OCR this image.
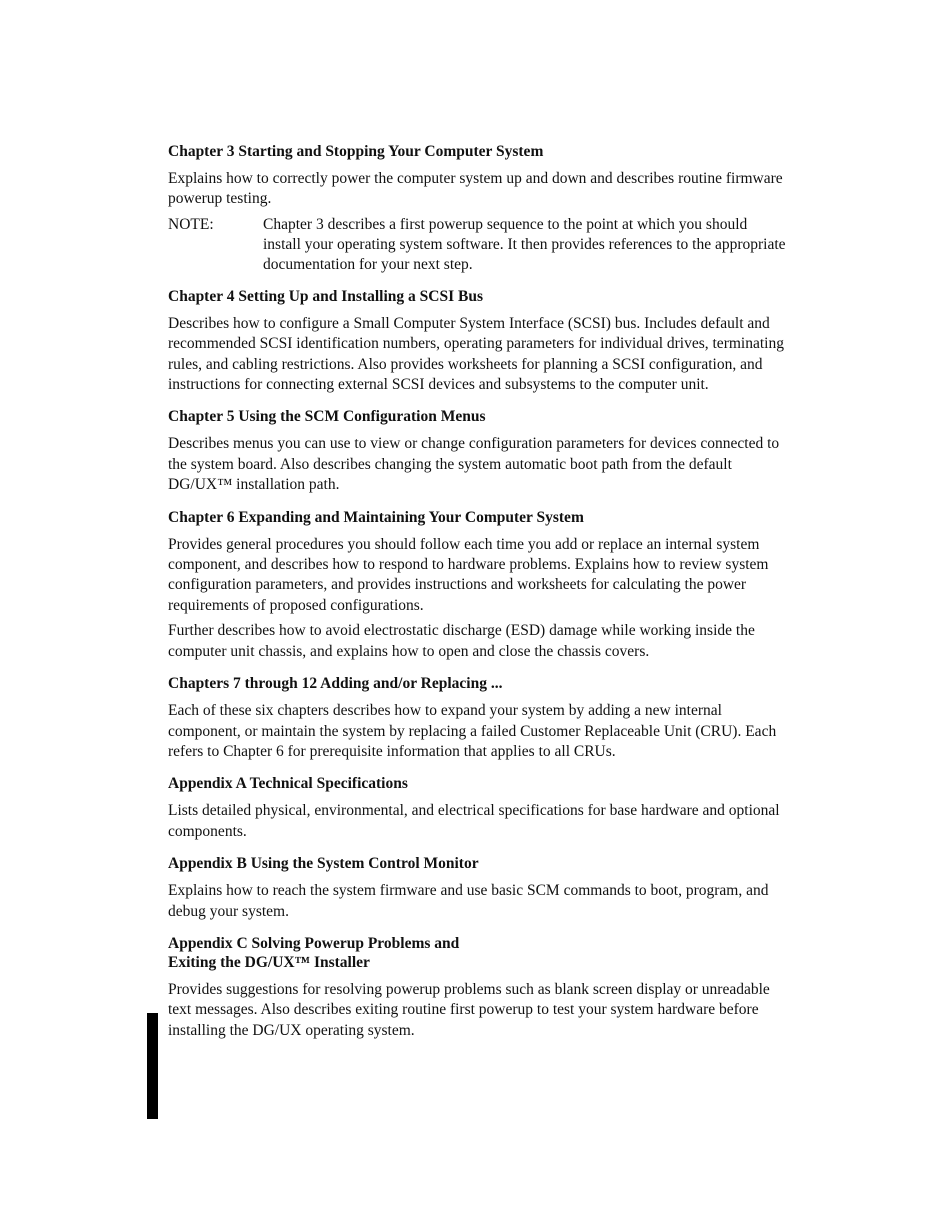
Chapter 3 Starting and Stopping Your Computer System
Explains how to correctly power the computer system up and down and describes routine firmware powerup testing.
NOTE:	Chapter 3 describes a first powerup sequence to the point at which you should install your operating system software. It then provides references to the appropriate documentation for your next step.
Chapter 4 Setting Up and Installing a SCSI Bus
Describes how to configure a Small Computer System Interface (SCSI) bus. Includes default and recommended SCSI identification numbers, operating parameters for individual drives, terminating rules, and cabling restrictions. Also provides worksheets for planning a SCSI configuration, and instructions for connecting external SCSI devices and subsystems to the computer unit.
Chapter 5 Using the SCM Configuration Menus
Describes menus you can use to view or change configuration parameters for devices connected to the system board. Also describes changing the system automatic boot path from the default DG/UX™ installation path.
Chapter 6 Expanding and Maintaining Your Computer System
Provides general procedures you should follow each time you add or replace an internal system component, and describes how to respond to hardware problems. Explains how to review system configuration parameters, and provides instructions and worksheets for calculating the power requirements of proposed configurations.
Further describes how to avoid electrostatic discharge (ESD) damage while working inside the computer unit chassis, and explains how to open and close the chassis covers.
Chapters 7 through 12 Adding and/or Replacing ...
Each of these six chapters describes how to expand your system by adding a new internal component, or maintain the system by replacing a failed Customer Replaceable Unit (CRU). Each refers to Chapter 6 for prerequisite information that applies to all CRUs.
Appendix A Technical Specifications
Lists detailed physical, environmental, and electrical specifications for base hardware and optional components.
Appendix B Using the System Control Monitor
Explains how to reach the system firmware and use basic SCM commands to boot, program, and debug your system.
Appendix C Solving Powerup Problems and
Exiting the DG/UX™ Installer
Provides suggestions for resolving powerup problems such as blank screen display or unreadable text messages. Also describes exiting routine first powerup to test your system hardware before installing the DG/UX operating system.
